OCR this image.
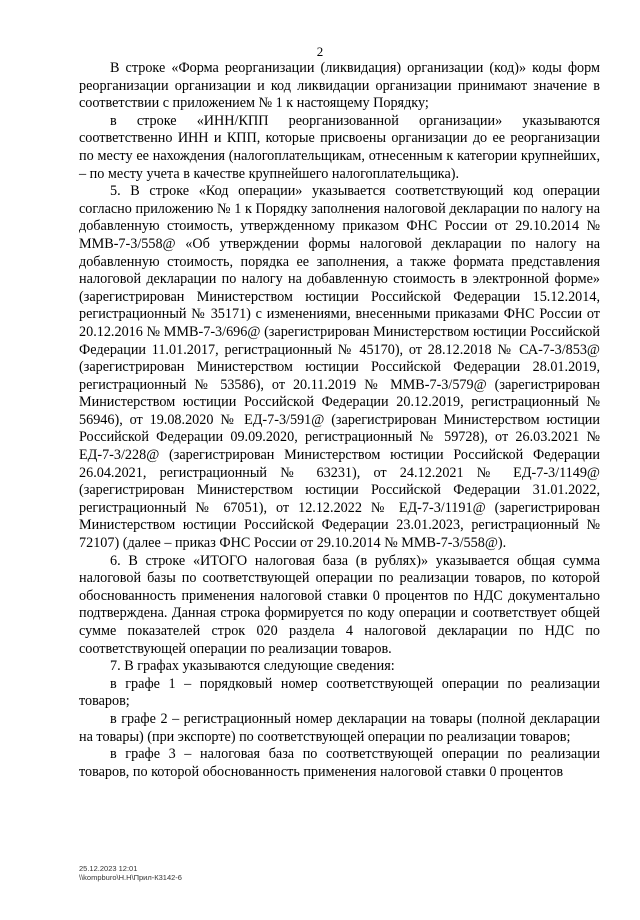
2

В строке «Форма реорганизации (ликвидация) организации (код)» коды форм реорганизации организации и код ликвидации организации принимают значение в соответствии с приложением № 1 к настоящему Порядку;

в строке «ИНН/КПП реорганизованной организации» указываются соответственно ИНН и КПП, которые присвоены организации до ее реорганизации по месту ее нахождения (налогоплательщикам, отнесенным к категории крупнейших, – по месту учета в качестве крупнейшего налогоплательщика).

5. В строке «Код операции» указывается соответствующий код операции согласно приложению № 1 к Порядку заполнения налоговой декларации по налогу на добавленную стоимость, утвержденному приказом ФНС России от 29.10.2014 № ММВ-7-3/558@ «Об утверждении формы налоговой декларации по налогу на добавленную стоимость, порядка ее заполнения, а также формата представления налоговой декларации по налогу на добавленную стоимость в электронной форме» (зарегистрирован Министерством юстиции Российской Федерации 15.12.2014, регистрационный № 35171) с изменениями, внесенными приказами ФНС России от 20.12.2016 № ММВ-7-3/696@ (зарегистрирован Министерством юстиции Российской Федерации 11.01.2017, регистрационный № 45170), от 28.12.2018 № СА-7-3/853@ (зарегистрирован Министерством юстиции Российской Федерации 28.01.2019, регистрационный № 53586), от 20.11.2019 № ММВ-7-3/579@ (зарегистрирован Министерством юстиции Российской Федерации 20.12.2019, регистрационный № 56946), от 19.08.2020 № ЕД-7-3/591@ (зарегистрирован Министерством юстиции Российской Федерации 09.09.2020, регистрационный № 59728), от 26.03.2021 № ЕД-7-3/228@ (зарегистрирован Министерством юстиции Российской Федерации 26.04.2021, регистрационный № 63231), от 24.12.2021 № ЕД-7-3/1149@ (зарегистрирован Министерством юстиции Российской Федерации 31.01.2022, регистрационный № 67051), от 12.12.2022 № ЕД-7-3/1191@ (зарегистрирован Министерством юстиции Российской Федерации 23.01.2023, регистрационный № 72107) (далее – приказ ФНС России от 29.10.2014 № ММВ-7-3/558@).

6. В строке «ИТОГО налоговая база (в рублях)» указывается общая сумма налоговой базы по соответствующей операции по реализации товаров, по которой обоснованность применения налоговой ставки 0 процентов по НДС документально подтверждена. Данная строка формируется по коду операции и соответствует общей сумме показателей строк 020 раздела 4 налоговой декларации по НДС по соответствующей операции по реализации товаров.

7. В графах указываются следующие сведения:

в графе 1 – порядковый номер соответствующей операции по реализации товаров;

в графе 2 – регистрационный номер декларации на товары (полной декларации на товары) (при экспорте) по соответствующей операции по реализации товаров;

в графе 3 – налоговая база по соответствующей операции по реализации товаров, по которой обоснованность применения налоговой ставки 0 процентов

25.12.2023 12:01
\\kompburo\Н.Н\Прил-К3142-6
